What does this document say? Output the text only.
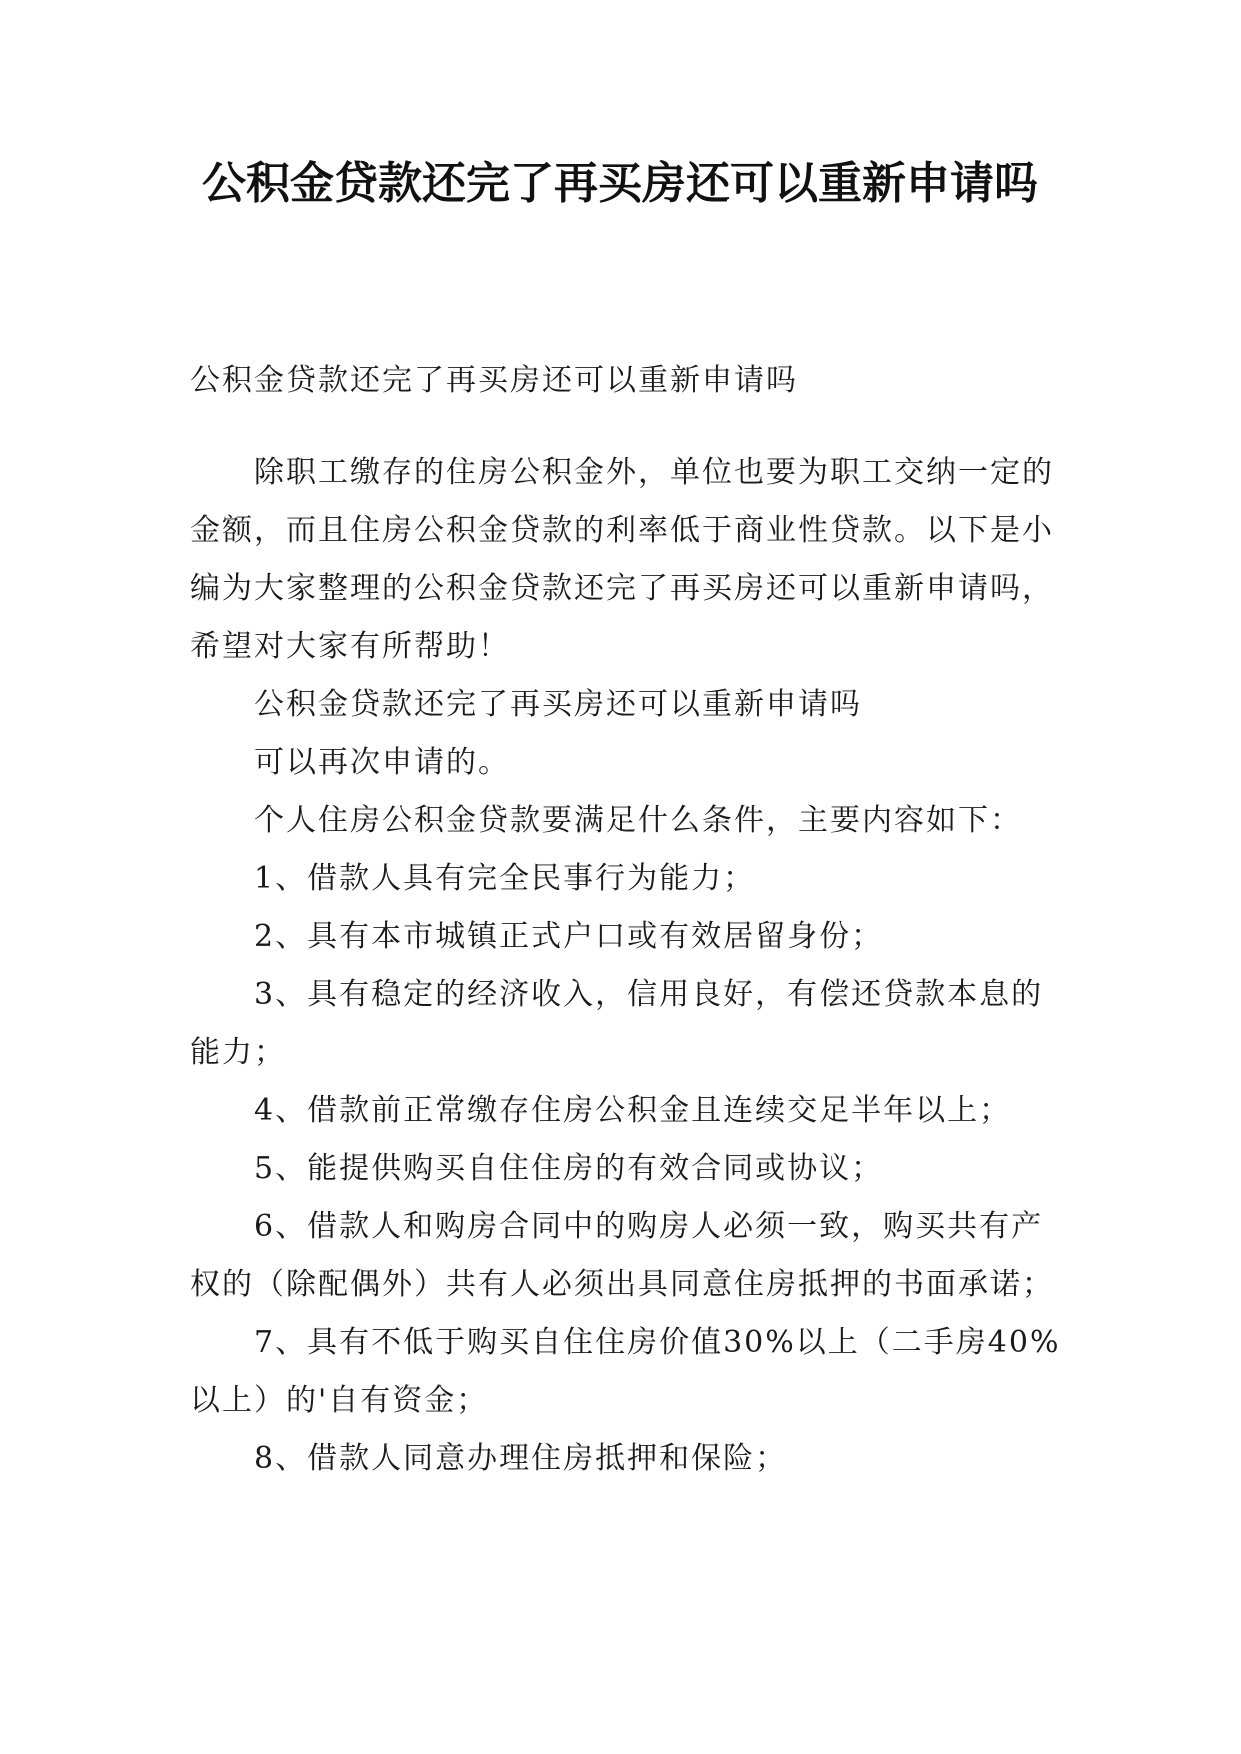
公积金贷款还完了再买房还可以重新申请吗

公积金贷款还完了再买房还可以重新申请吗

除职工缴存的住房公积金外，单位也要为职工交纳一定的金额，而且住房公积金贷款的利率低于商业性贷款。以下是小编为大家整理的公积金贷款还完了再买房还可以重新申请吗，希望对大家有所帮助！

公积金贷款还完了再买房还可以重新申请吗

可以再次申请的。

个人住房公积金贷款要满足什么条件，主要内容如下：

1、借款人具有完全民事行为能力；

2、具有本市城镇正式户口或有效居留身份；

3、具有稳定的经济收入，信用良好，有偿还贷款本息的能力；

4、借款前正常缴存住房公积金且连续交足半年以上；

5、能提供购买自住住房的有效合同或协议；

6、借款人和购房合同中的购房人必须一致，购买共有产权的（除配偶外）共有人必须出具同意住房抵押的书面承诺；

7、具有不低于购买自住住房价值30%以上（二手房40%以上）的'自有资金；

8、借款人同意办理住房抵押和保险；
